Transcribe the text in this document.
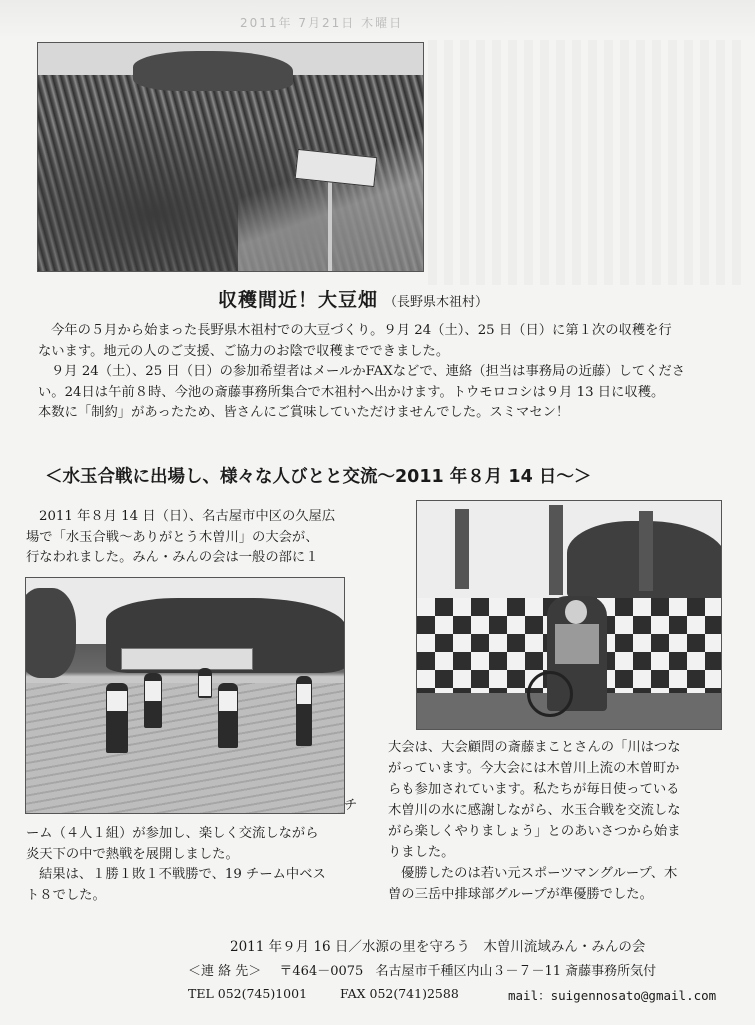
2011年 7月21日 木曜日
収穫間近！大豆畑 （長野県木祖村）
今年の５月から始まった長野県木祖村での大豆づくり。９月 24（土）、25 日（日）に第１次の収穫を行
ないます。地元の人のご支援、ご協力のお陰で収穫までできました。
９月 24（土）、25 日（日）の参加希望者はメールかFAXなどで、連絡（担当は事務局の近藤）してくださ
い。24日は午前８時、今池の斎藤事務所集合で木祖村へ出かけます。トウモロコシは９月 13 日に収穫。
本数に「制約」があったため、皆さんにご賞味していただけませんでした。スミマセン！
＜水玉合戦に出場し、様々な人びとと交流～2011 年８月 14 日～＞
2011 年８月 14 日（日）、名古屋市中区の久屋広
場で「水玉合戦～ありがとう木曽川」の大会が、
行なわれました。みん・みんの会は一般の部に１
チ
ーム（４人１組）が参加し、楽しく交流しながら
炎天下の中で熱戦を展開しました。
結果は、１勝１敗１不戦勝で、19 チーム中ベス
ト８でした。
大会は、大会顧問の斎藤まことさんの「川はつな
がっています。今大会には木曽川上流の木曽町か
らも参加されています。私たちが毎日使っている
木曽川の水に感謝しながら、水玉合戦を交流しな
がら楽しくやりましょう」とのあいさつから始ま
りました。
優勝したのは若い元スポーツマングループ、木
曽の三岳中排球部グループが準優勝でした。
2011 年９月 16 日／水源の里を守ろう　木曽川流域みん・みんの会
＜連 絡 先＞ 〒464－0075 名古屋市千種区内山３－７－11 斎藤事務所気付
TEL 052(745)1001	FAX 052(741)2588	mail：suigennosato@gmail.com
